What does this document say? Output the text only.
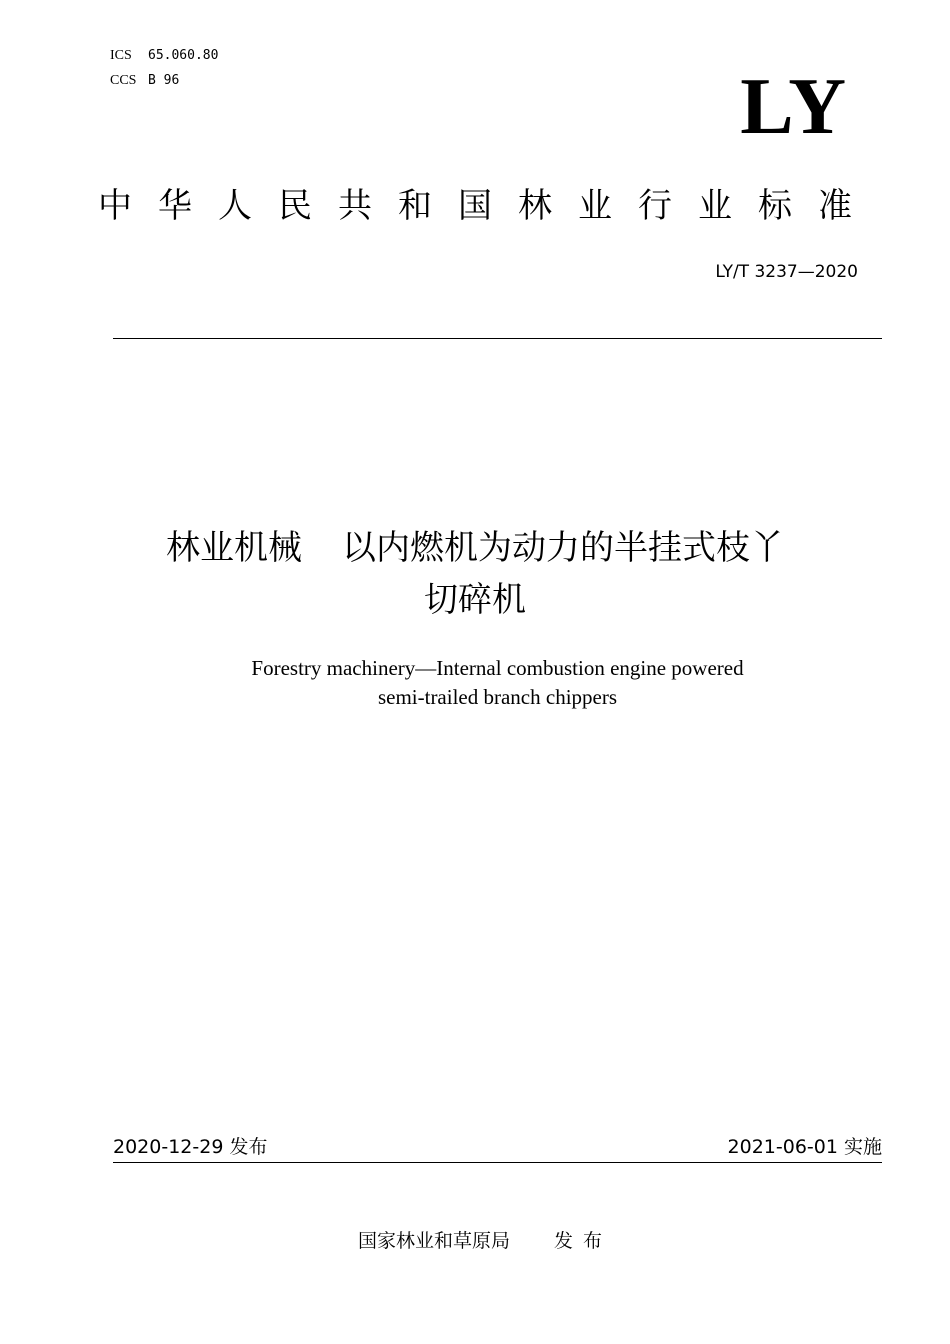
ICS 65.060.80
CCS B 96	LY
中华人民共和国林业行业标准
LY/T 3237—2020
林业机械 以内燃机为动力的半挂式枝丫
切碎机
Forestry machinery—Internal combustion engine powered
semi-trailed branch chippers
2020-12-29 发布	2021-06-01 实施
国家林业和草原局 发布
